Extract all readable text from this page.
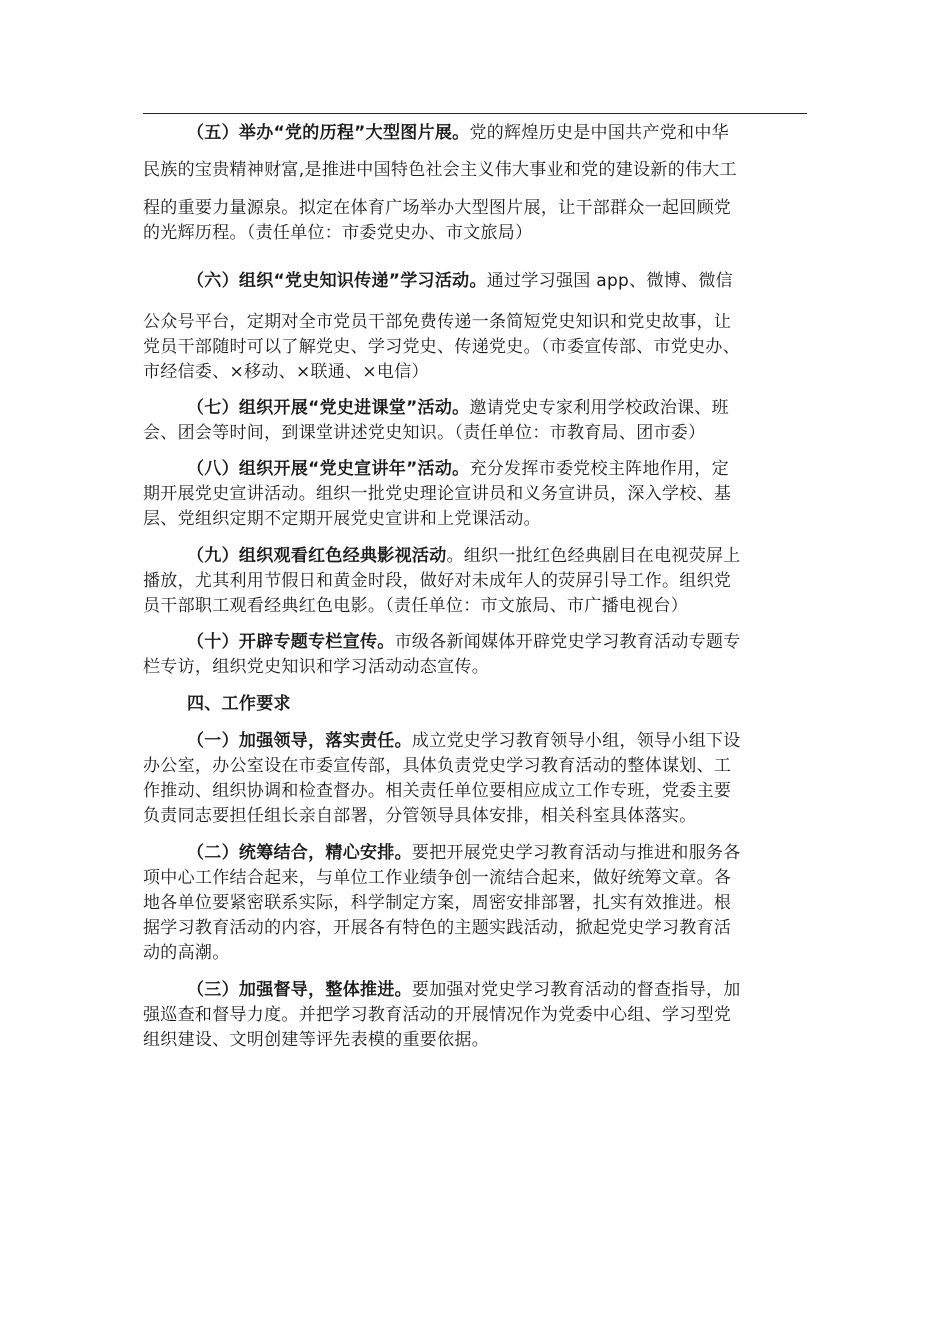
（五）举办“党的历程”大型图片展。党的辉煌历史是中国共产党和中华
民族的宝贵精神财富,是推进中国特色社会主义伟大事业和党的建设新的伟大工
程的重要力量源泉。拟定在体育广场举办大型图片展，让干部群众一起回顾党
的光辉历程。（责任单位：市委党史办、市文旅局）
（六）组织“党史知识传递”学习活动。通过学习强国 app、微博、微信
公众号平台，定期对全市党员干部免费传递一条简短党史知识和党史故事，让
党员干部随时可以了解党史、学习党史、传递党史。（市委宣传部、市党史办、
市经信委、×移动、×联通、×电信）
（七）组织开展“党史进课堂”活动。邀请党史专家利用学校政治课、班
会、团会等时间，到课堂讲述党史知识。（责任单位：市教育局、团市委）
（八）组织开展“党史宣讲年”活动。充分发挥市委党校主阵地作用，定
期开展党史宣讲活动。组织一批党史理论宣讲员和义务宣讲员，深入学校、基
层、党组织定期不定期开展党史宣讲和上党课活动。
（九）组织观看红色经典影视活动。组织一批红色经典剧目在电视荧屏上
播放，尤其利用节假日和黄金时段，做好对未成年人的荧屏引导工作。组织党
员干部职工观看经典红色电影。（责任单位：市文旅局、市广播电视台）
（十）开辟专题专栏宣传。市级各新闻媒体开辟党史学习教育活动专题专
栏专访，组织党史知识和学习活动动态宣传。
四、工作要求
（一）加强领导，落实责任。成立党史学习教育领导小组，领导小组下设
办公室，办公室设在市委宣传部，具体负责党史学习教育活动的整体谋划、工
作推动、组织协调和检查督办。相关责任单位要相应成立工作专班，党委主要
负责同志要担任组长亲自部署，分管领导具体安排，相关科室具体落实。
（二）统筹结合，精心安排。要把开展党史学习教育活动与推进和服务各
项中心工作结合起来，与单位工作业绩争创一流结合起来，做好统筹文章。各
地各单位要紧密联系实际，科学制定方案，周密安排部署，扎实有效推进。根
据学习教育活动的内容，开展各有特色的主题实践活动，掀起党史学习教育活
动的高潮。
（三）加强督导，整体推进。要加强对党史学习教育活动的督查指导，加
强巡查和督导力度。并把学习教育活动的开展情况作为党委中心组、学习型党
组织建设、文明创建等评先表模的重要依据。
